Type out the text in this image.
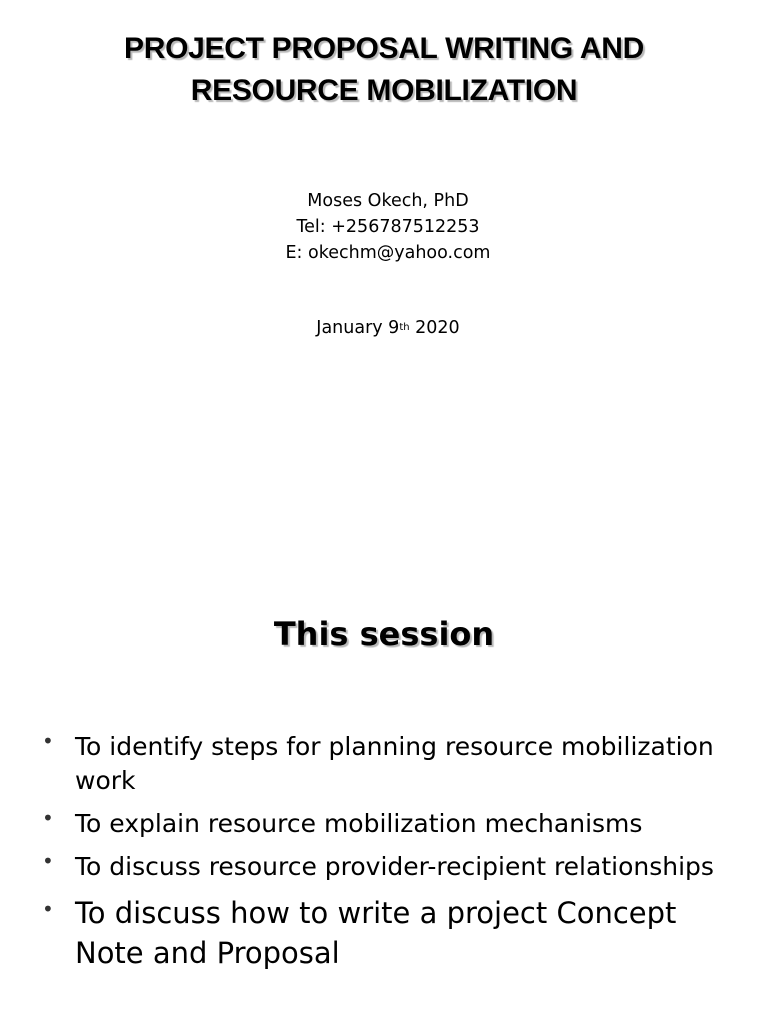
PROJECT PROPOSAL WRITING AND
RESOURCE MOBILIZATION
Moses Okech, PhD
Tel: +256787512253
E: okechm@yahoo.com
January 9th 2020
This session
• To identify steps for planning resource mobilization work
• To explain resource mobilization mechanisms
• To discuss resource provider-recipient relationships
• To discuss how to write a project Concept Note and Proposal
